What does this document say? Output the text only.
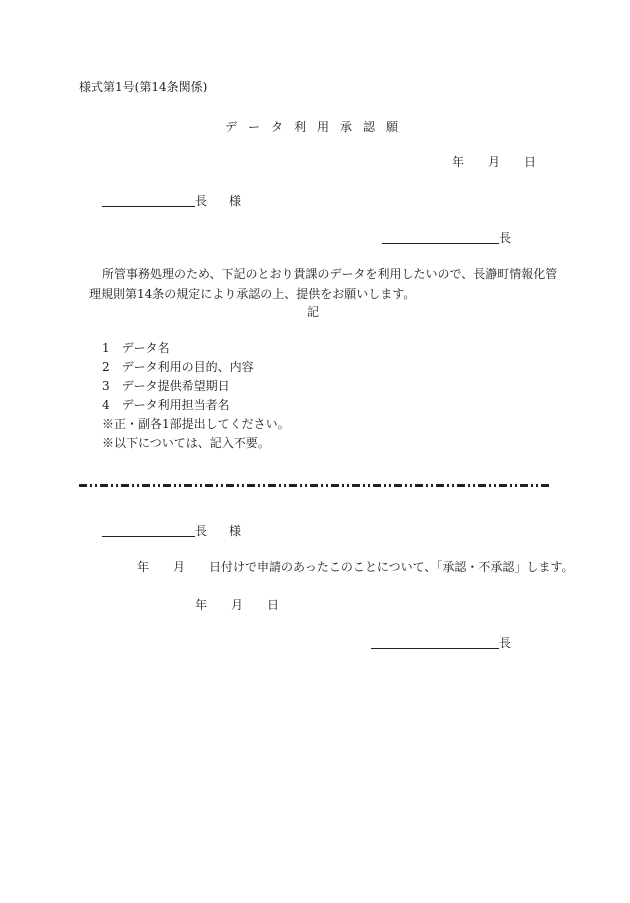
様式第1号(第14条関係)
データ利用承認願
年 月 日
長 様
長
所管事務処理のため、下記のとおり貴課のデータを利用したいので、長瀞町情報化管
理規則第14条の規定により承認の上、提供をお願いします。
記
1 データ名
2 データ利用の目的、内容
3 データ提供希望期日
4 データ利用担当者名
※正・副各1部提出してください。
※以下については、記入不要。
長 様
年 月 日付けで申請のあったこのことについて、「承認・不承認」します。
年 月 日
長
